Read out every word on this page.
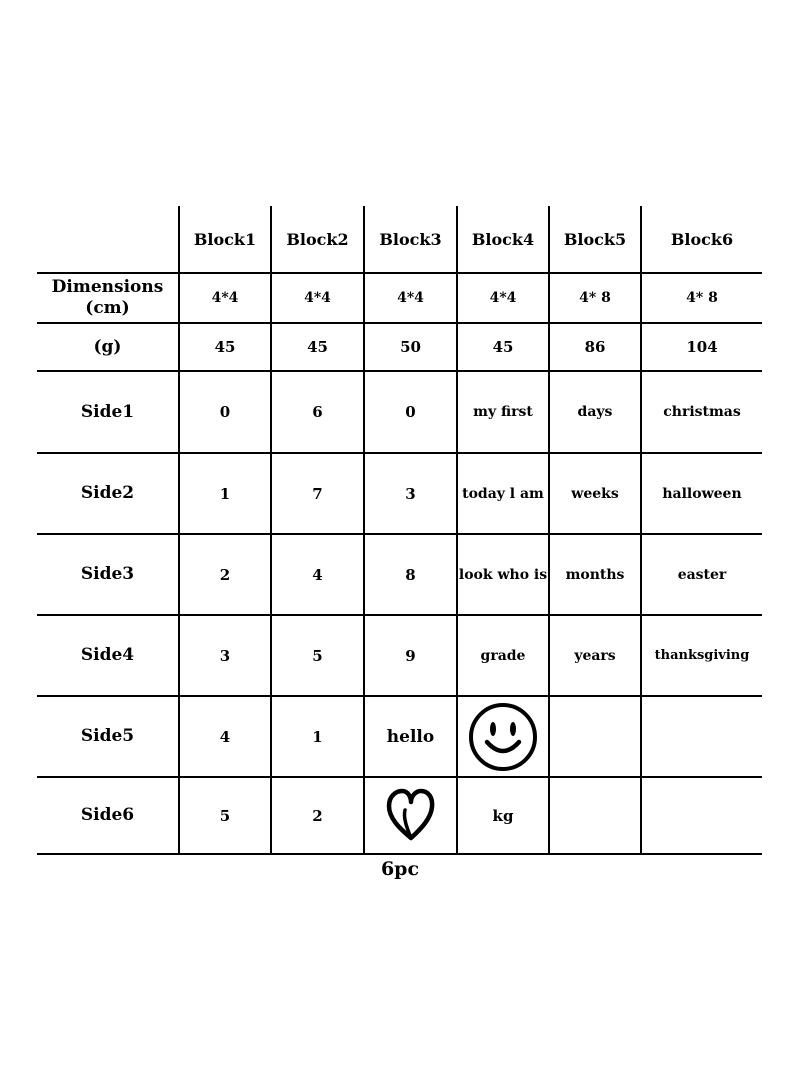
	Block1	Block2	Block3	Block4	Block5	Block6

Dimensions
(cm)	4*4	4*4	4*4	4*4	4* 8	4* 8
(g)	45	45	50	45	86	104
Side1	0	6	0	my first	days	christmas
Side2	1	7	3	today l am	weeks	halloween
Side3	2	4	8	look who is	months	easter
Side4	3	5	9	grade	years	thanksgiving
Side5	4	1	hello	

Side6	5	2		kg		
6pc
